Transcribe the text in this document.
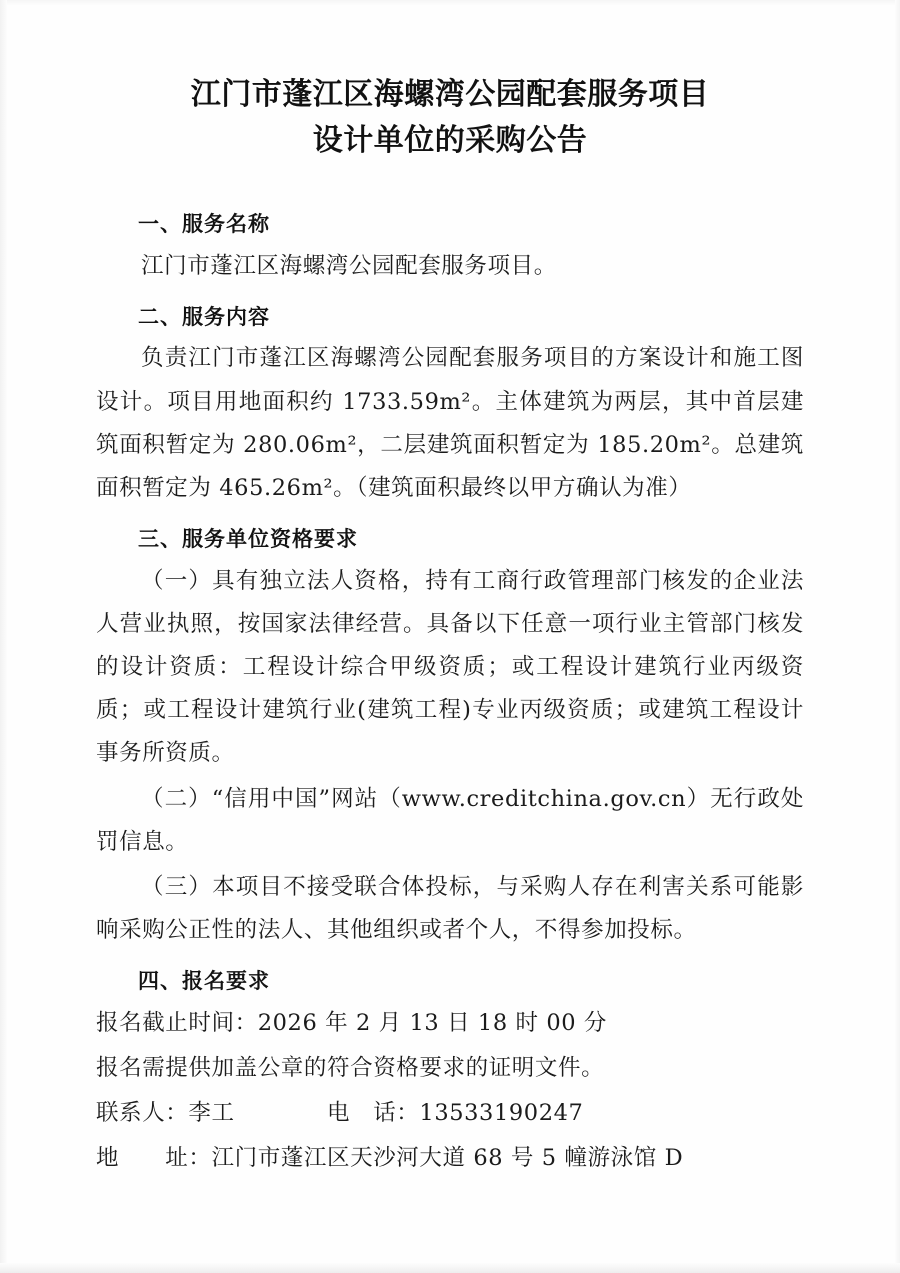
江门市蓬江区海螺湾公园配套服务项目
设计单位的采购公告
一、服务名称

江门市蓬江区海螺湾公园配套服务项目。

二、服务内容

负责江门市蓬江区海螺湾公园配套服务项目的方案设计和施工图设计。项目用地面积约 1733.59m²。主体建筑为两层，其中首层建筑面积暂定为 280.06m²，二层建筑面积暂定为 185.20m²。总建筑面积暂定为 465.26m²。（建筑面积最终以甲方确认为准）

三、服务单位资格要求

（一）具有独立法人资格，持有工商行政管理部门核发的企业法人营业执照，按国家法律经营。具备以下任意一项行业主管部门核发的设计资质：工程设计综合甲级资质；或工程设计建筑行业丙级资质；或工程设计建筑行业(建筑工程)专业丙级资质；或建筑工程设计事务所资质。

（二）“信用中国”网站（www.creditchina.gov.cn）无行政处罚信息。

（三）本项目不接受联合体投标，与采购人存在利害关系可能影响采购公正性的法人、其他组织或者个人，不得参加投标。

四、报名要求

报名截止时间：2026 年 2 月 13 日 18 时 00 分

报名需提供加盖公章的符合资格要求的证明文件。

联系人：李工　　　　电　话：13533190247

地　　址：江门市蓬江区天沙河大道 68 号 5 幢游泳馆 D
